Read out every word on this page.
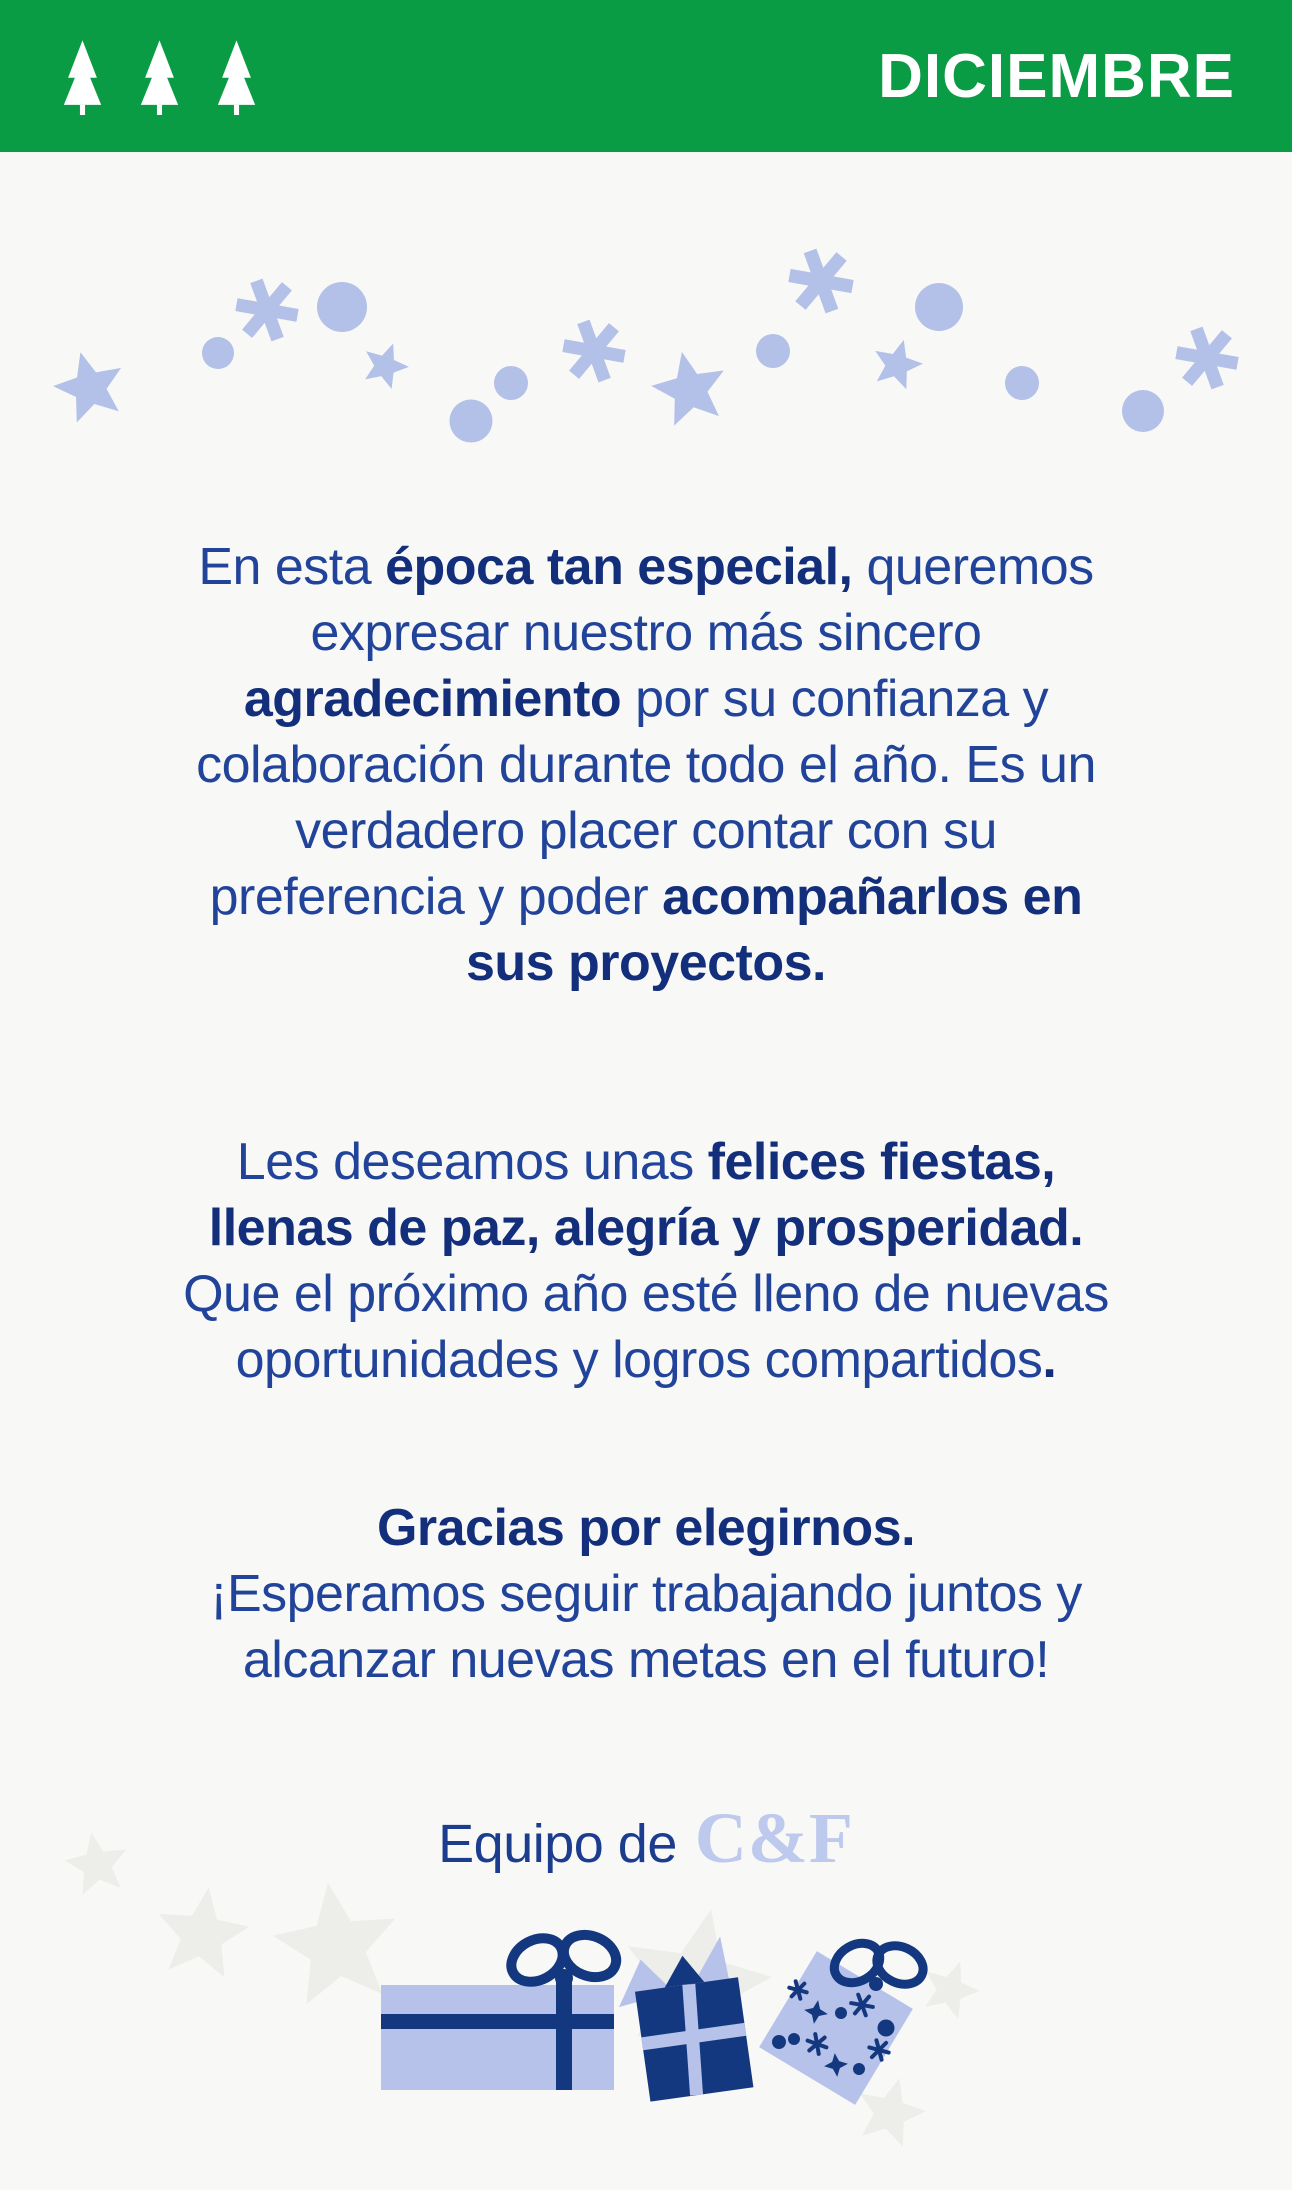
DICIEMBRE
En esta época tan especial, queremos
expresar nuestro más sincero
agradecimiento por su confianza y
colaboración durante todo el año. Es un
verdadero placer contar con su
preferencia y poder acompañarlos en
sus proyectos.
Les deseamos unas felices fiestas,
llenas de paz, alegría y prosperidad.
Que el próximo año esté lleno de nuevas
oportunidades y logros compartidos.
Gracias por elegirnos.
¡Esperamos seguir trabajando juntos y
alcanzar nuevas metas en el futuro!
Equipo de C&F
